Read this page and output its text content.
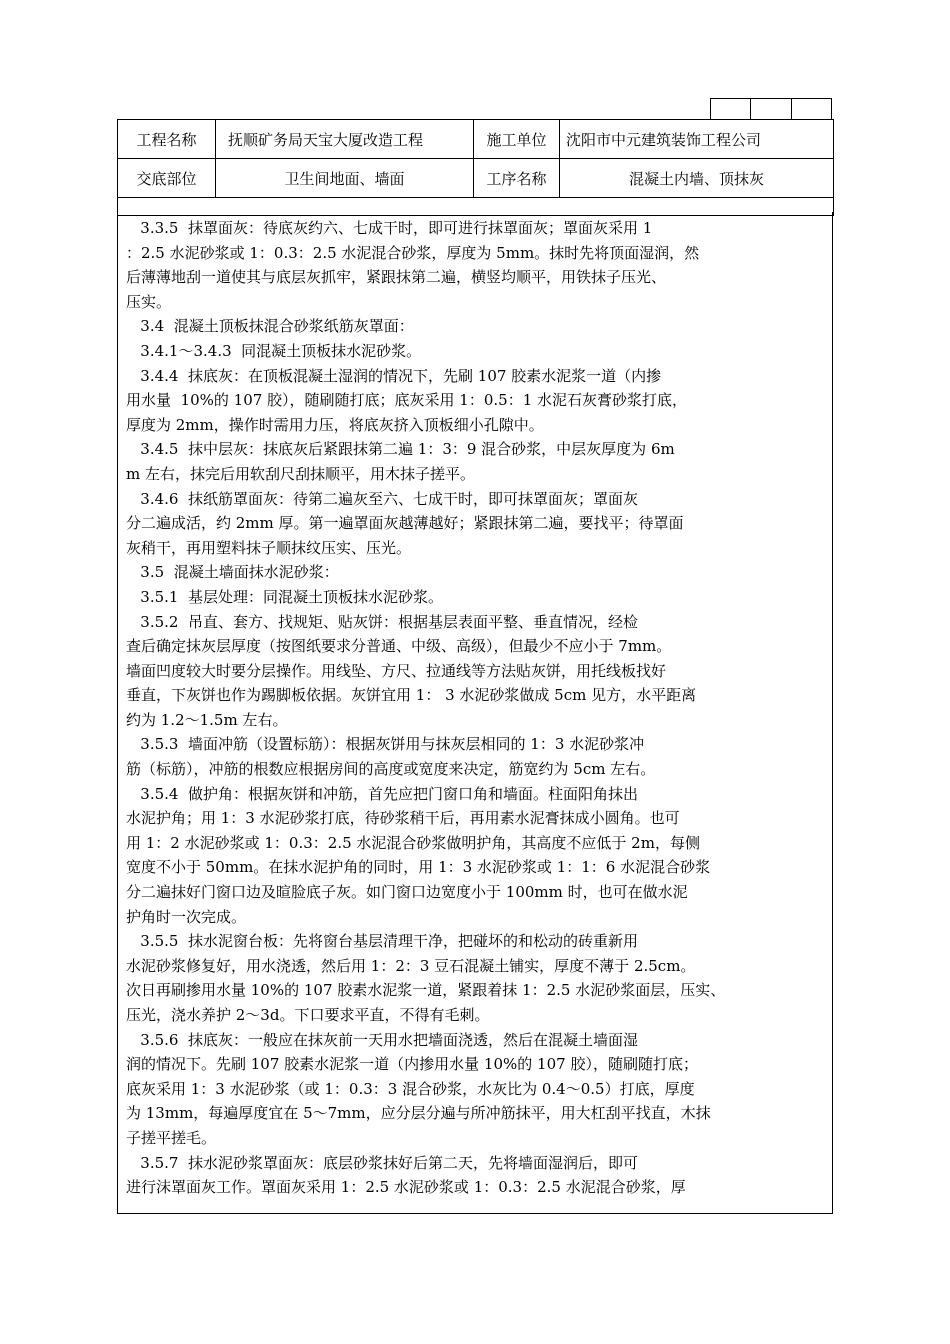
工程名称	抚顺矿务局天宝大厦改造工程	施工单位	沈阳市中元建筑装饰工程公司
交底部位	卫生间地面、墙面	工序名称	混凝土内墙、顶抹灰

3.3.5  抹罩面灰：待底灰约六、七成干时，即可进行抹罩面灰；罩面灰采用 1
：2.5 水泥砂浆或 1：0.3：2.5 水泥混合砂浆，厚度为 5mm。抹时先将顶面湿润，然
后薄薄地刮一道使其与底层灰抓牢，紧跟抹第二遍，横竖均顺平，用铁抹子压光、
压实。
3.4  混凝土顶板抹混合砂浆纸筋灰罩面：
3.4.1～3.4.3  同混凝土顶板抹水泥砂浆。
3.4.4  抹底灰：在顶板混凝土湿润的情况下，先刷 107 胶素水泥浆一道（内掺
用水量  10%的 107 胶），随刷随打底；底灰采用 1：0.5：1 水泥石灰膏砂浆打底，
厚度为 2mm，操作时需用力压，将底灰挤入顶板细小孔隙中。
3.4.5  抹中层灰：抹底灰后紧跟抹第二遍 1：3：9 混合砂浆，中层灰厚度为 6m
m 左右，抹完后用软刮尺刮抹顺平，用木抹子搓平。
3.4.6  抹纸筋罩面灰：待第二遍灰至六、七成干时，即可抹罩面灰；罩面灰
分二遍成活，约 2mm 厚。第一遍罩面灰越薄越好；紧跟抹第二遍，要找平；待罩面
灰稍干，再用塑料抹子顺抹纹压实、压光。
3.5  混凝土墙面抹水泥砂浆：
3.5.1  基层处理：同混凝土顶板抹水泥砂浆。
3.5.2  吊直、套方、找规矩、贴灰饼：根据基层表面平整、垂直情况，经检
查后确定抹灰层厚度（按图纸要求分普通、中级、高级），但最少不应小于 7mm。
墙面凹度较大时要分层操作。用线坠、方尺、拉通线等方法贴灰饼，用托线板找好
垂直，下灰饼也作为踢脚板依据。灰饼宜用 1： 3 水泥砂浆做成 5cm 见方，水平距离
约为 1.2～1.5m 左右。
3.5.3  墙面冲筋（设置标筋）：根据灰饼用与抹灰层相同的 1：3 水泥砂浆冲
筋（标筋），冲筋的根数应根据房间的高度或宽度来决定，筋宽约为 5cm 左右。
3.5.4  做护角：根据灰饼和冲筋，首先应把门窗口角和墙面。柱面阳角抹出
水泥护角；用 1：3 水泥砂浆打底，待砂浆稍干后，再用素水泥膏抹成小圆角。也可
用 1：2 水泥砂浆或 1：0.3：2.5 水泥混合砂浆做明护角，其高度不应低于 2m，每侧
宽度不小于 50mm。在抹水泥护角的同时，用 1：3 水泥砂浆或 1：1：6 水泥混合砂浆
分二遍抹好门窗口边及暄脸底子灰。如门窗口边宽度小于 100mm 时，也可在做水泥
护角时一次完成。
3.5.5  抹水泥窗台板：先将窗台基层清理干净，把碰坏的和松动的砖重新用
水泥砂浆修复好，用水浇透，然后用 1：2：3 豆石混凝土铺实，厚度不薄于 2.5cm。
次日再刷掺用水量 10%的 107 胶素水泥浆一道，紧跟着抹 1：2.5 水泥砂浆面层，压实、
压光，浇水养护 2～3d。下口要求平直，不得有毛刺。
3.5.6  抹底灰：一般应在抹灰前一天用水把墙面浇透，然后在混凝土墙面湿
润的情况下。先刷 107 胶素水泥浆一道（内掺用水量 10%的 107 胶），随刷随打底；
底灰采用 1：3 水泥砂浆（或 1：0.3：3 混合砂浆，水灰比为 0.4～0.5）打底，厚度
为 13mm，每遍厚度宜在 5～7mm，应分层分遍与所冲筋抹平，用大杠刮平找直，木抹
子搓平搓毛。
3.5.7  抹水泥砂浆罩面灰：底层砂浆抹好后第二天，先将墙面湿润后，即可
进行沫罩面灰工作。罩面灰采用 1：2.5 水泥砂浆或 1：0.3：2.5 水泥混合砂浆，厚
